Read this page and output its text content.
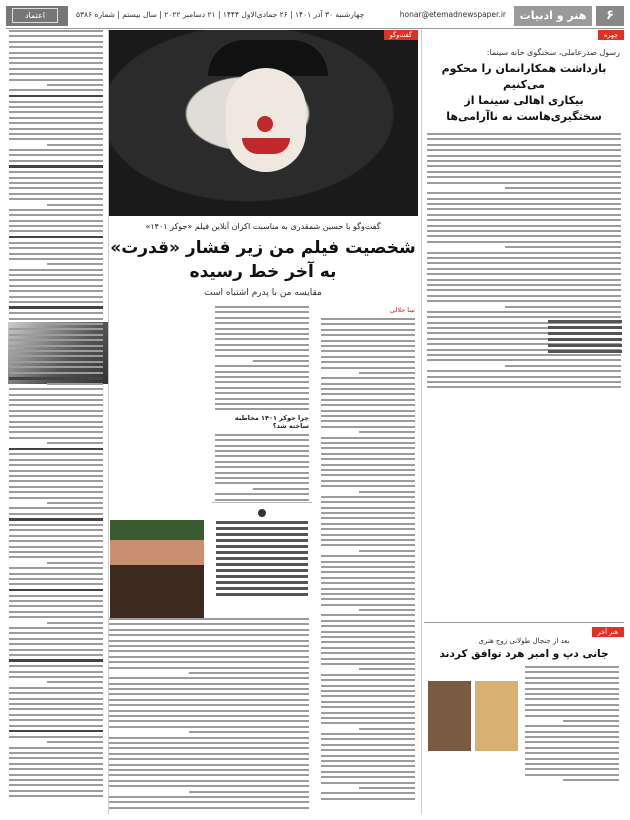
اعتماد	۶
هنر و ادبیات
honar@etemadnewspaper.ir
چهارشنبه ۳۰ آذر ۱۴۰۱ | ۲۶ جمادی‌الاول ۱۴۴۴ | ۲۱ دسامبر ۲۰۲۲ | سال بیستم | شماره ۵۳۸۶
چهره
رسول صدرعاملی، سخنگوی خانه سینما:
بازداشت همکارانمان را محکوم می‌کنیم
بیکاری اهالی سینما از سختگیری‌هاست نه ناآرامی‌ها
هنر آخر
بعد از جنجال طولانی زوج هنری
جانی دپ و امبر هرد توافق کردند
گفت‌وگو
گفت‌وگو با حسین شمقدری به مناسبت اکران آنلاین فیلم «جوکر ۱۴۰۱»
شخصیت فیلم من زیر فشار «قدرت»
به آخر خط رسیده
مقایسه من با پدرم اشتباه است
نینا جلالی
چرا جوکر ۱۴۰۱ مخاطبه ساخته شد؟
